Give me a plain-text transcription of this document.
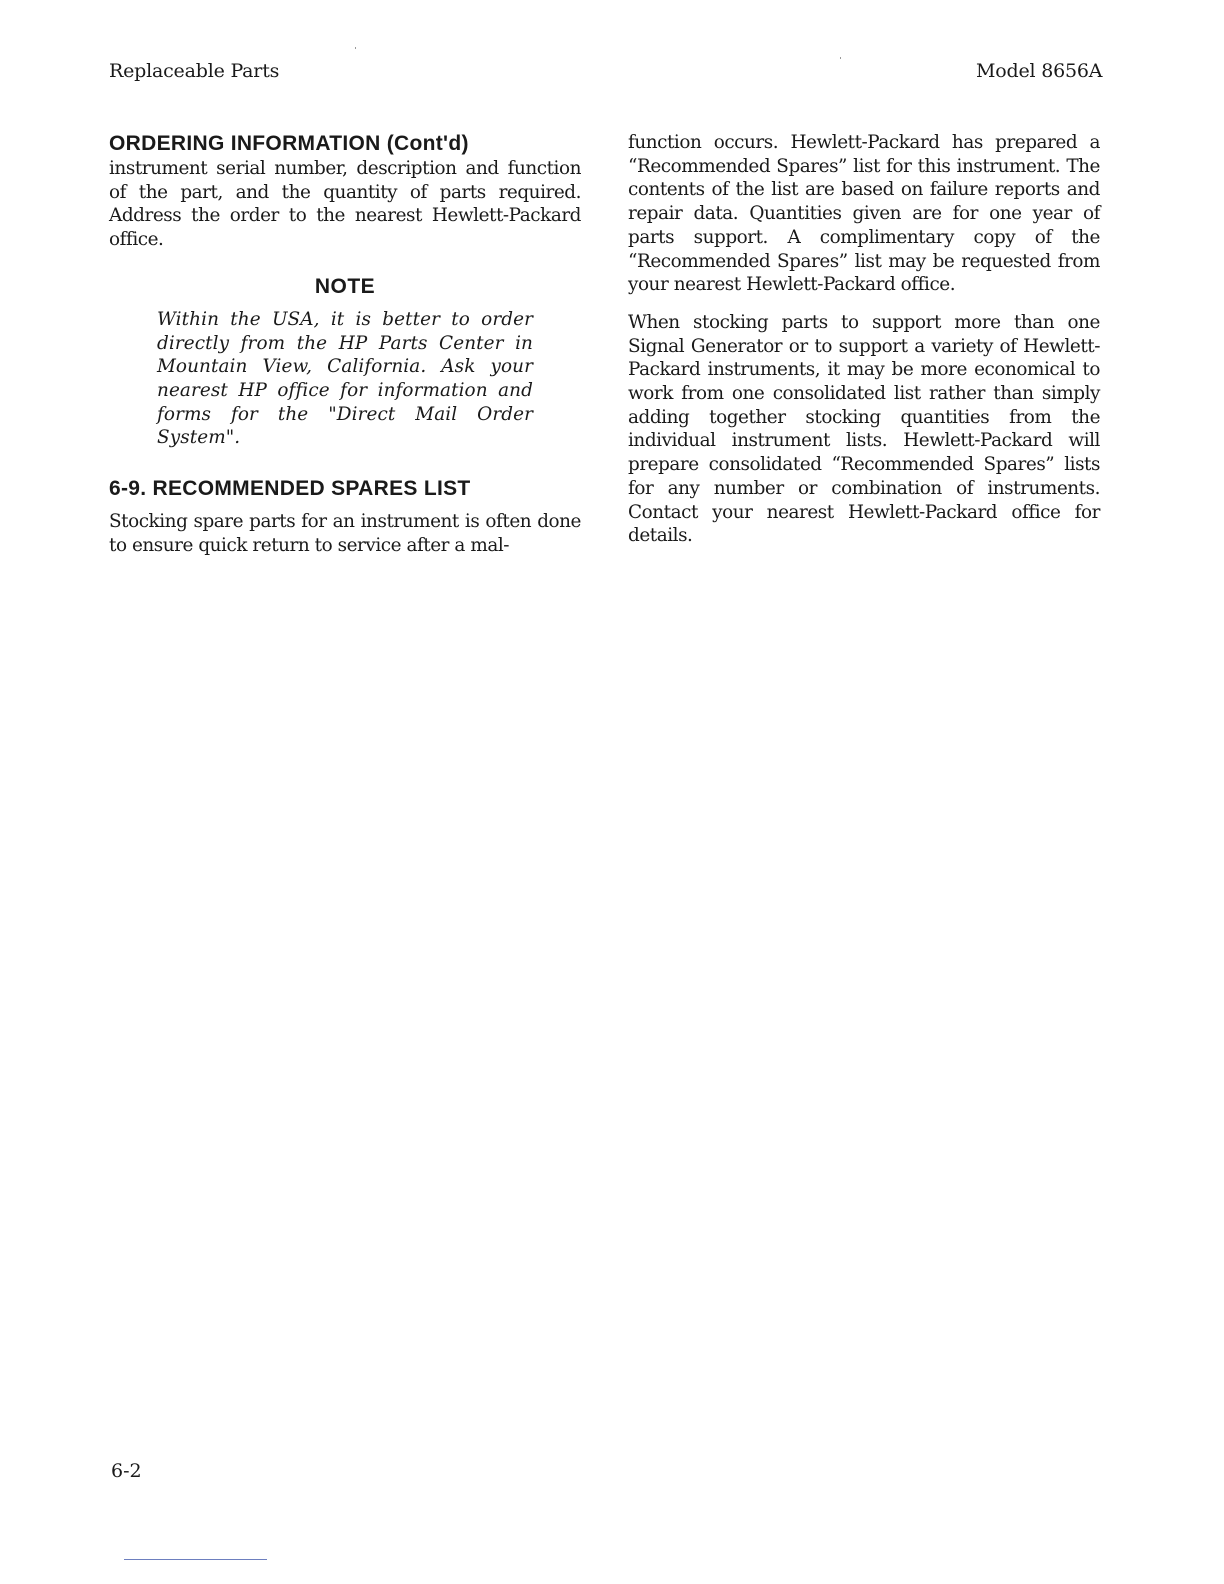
Replaceable Parts	Model 8656A
ORDERING INFORMATION (Cont'd)

instrument serial number, description and function of the part, and the quantity of parts required. Address the order to the nearest Hewlett-Packard office.

NOTE

Within the USA, it is better to order directly from the HP Parts Center in Mountain View, California. Ask your nearest HP office for information and forms for the "Direct Mail Order System".

6-9. RECOMMENDED SPARES LIST

Stocking spare parts for an instrument is often done to ensure quick return to service after a mal-

function occurs. Hewlett-Packard has prepared a “Recommended Spares” list for this instrument. The contents of the list are based on failure reports and repair data. Quantities given are for one year of parts support. A complimentary copy of the “Recommended Spares” list may be requested from your nearest Hewlett-Packard office.

When stocking parts to support more than one Signal Generator or to support a variety of Hewlett-Packard instruments, it may be more economical to work from one consolidated list rather than simply adding together stocking quantities from the individual instrument lists. Hewlett-Packard will prepare consolidated “Recommended Spares” lists for any number or combination of instruments. Contact your nearest Hewlett-Packard office for details.

6-2
